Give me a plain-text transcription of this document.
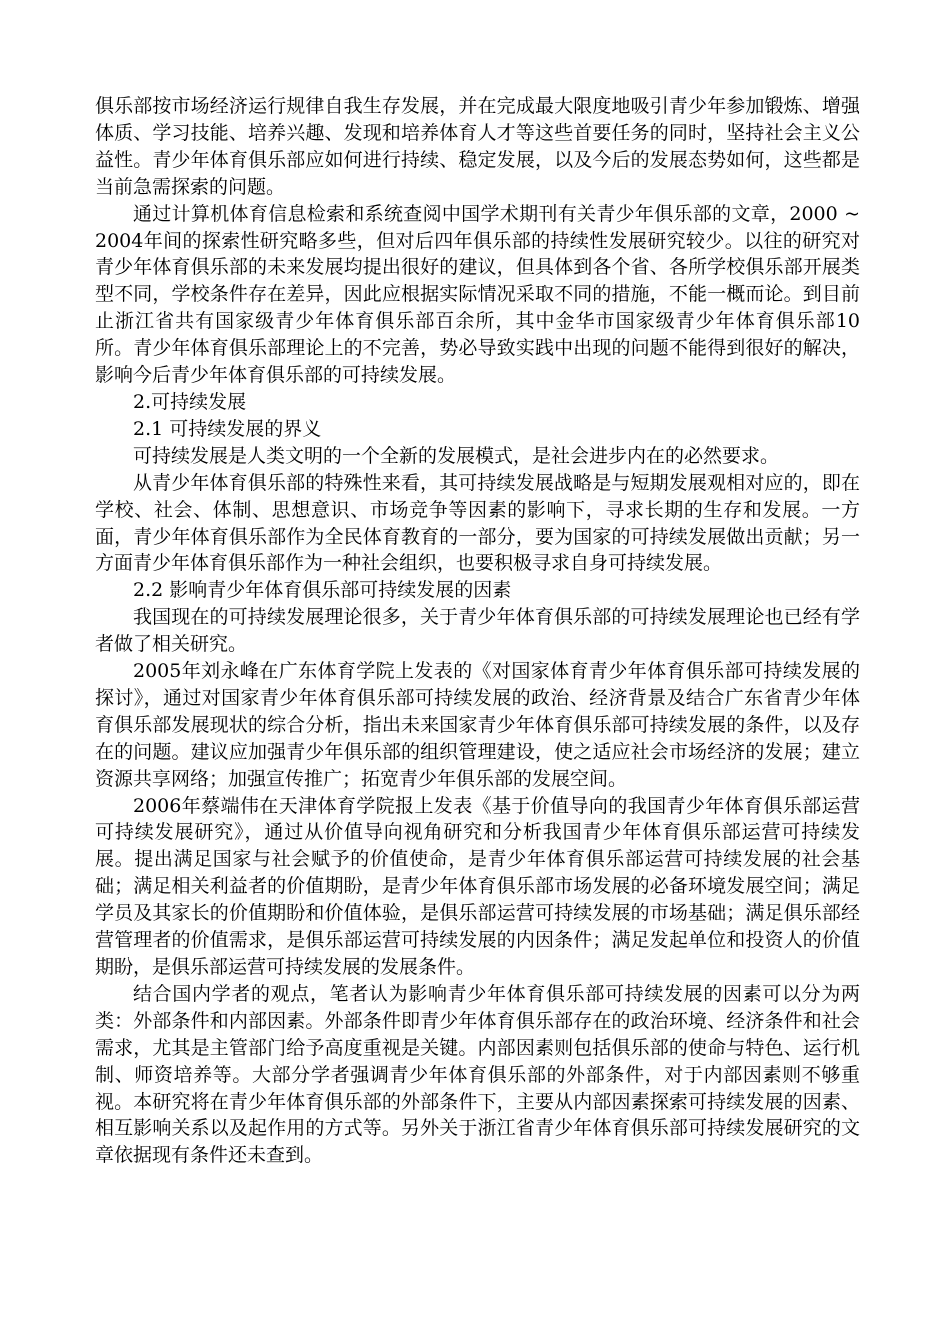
俱乐部按市场经济运行规律自我生存发展，并在完成最大限度地吸引青少年参加锻炼、增强体质、学习技能、培养兴趣、发现和培养体育人才等这些首要任务的同时，坚持社会主义公益性。青少年体育俱乐部应如何进行持续、稳定发展，以及今后的发展态势如何，这些都是当前急需探索的问题。

通过计算机体育信息检索和系统查阅中国学术期刊有关青少年俱乐部的文章，2000 ~ 2004年间的探索性研究略多些，但对后四年俱乐部的持续性发展研究较少。以往的研究对青少年体育俱乐部的未来发展均提出很好的建议，但具体到各个省、各所学校俱乐部开展类型不同，学校条件存在差异，因此应根据实际情况采取不同的措施，不能一概而论。到目前止浙江省共有国家级青少年体育俱乐部百余所，其中金华市国家级青少年体育俱乐部10所。青少年体育俱乐部理论上的不完善，势必导致实践中出现的问题不能得到很好的解决，影响今后青少年体育俱乐部的可持续发展。

2.可持续发展

2.1 可持续发展的界义

可持续发展是人类文明的一个全新的发展模式，是社会进步内在的必然要求。

从青少年体育俱乐部的特殊性来看，其可持续发展战略是与短期发展观相对应的，即在学校、社会、体制、思想意识、市场竞争等因素的影响下，寻求长期的生存和发展。一方面，青少年体育俱乐部作为全民体育教育的一部分，要为国家的可持续发展做出贡献；另一方面青少年体育俱乐部作为一种社会组织，也要积极寻求自身可持续发展。

2.2 影响青少年体育俱乐部可持续发展的因素

我国现在的可持续发展理论很多，关于青少年体育俱乐部的可持续发展理论也已经有学者做了相关研究。

2005年刘永峰在广东体育学院上发表的《对国家体育青少年体育俱乐部可持续发展的探讨》，通过对国家青少年体育俱乐部可持续发展的政治、经济背景及结合广东省青少年体育俱乐部发展现状的综合分析，指出未来国家青少年体育俱乐部可持续发展的条件，以及存在的问题。建议应加强青少年俱乐部的组织管理建设，使之适应社会市场经济的发展；建立资源共享网络；加强宣传推广；拓宽青少年俱乐部的发展空间。

2006年蔡端伟在天津体育学院报上发表《基于价值导向的我国青少年体育俱乐部运营可持续发展研究》，通过从价值导向视角研究和分析我国青少年体育俱乐部运营可持续发展。提出满足国家与社会赋予的价值使命，是青少年体育俱乐部运营可持续发展的社会基础；满足相关利益者的价值期盼，是青少年体育俱乐部市场发展的必备环境发展空间；满足学员及其家长的价值期盼和价值体验，是俱乐部运营可持续发展的市场基础；满足俱乐部经营管理者的价值需求，是俱乐部运营可持续发展的内因条件；满足发起单位和投资人的价值期盼，是俱乐部运营可持续发展的发展条件。

结合国内学者的观点，笔者认为影响青少年体育俱乐部可持续发展的因素可以分为两类：外部条件和内部因素。外部条件即青少年体育俱乐部存在的政治环境、经济条件和社会需求，尤其是主管部门给予高度重视是关键。内部因素则包括俱乐部的使命与特色、运行机制、师资培养等。大部分学者强调青少年体育俱乐部的外部条件，对于内部因素则不够重视。本研究将在青少年体育俱乐部的外部条件下，主要从内部因素探索可持续发展的因素、相互影响关系以及起作用的方式等。另外关于浙江省青少年体育俱乐部可持续发展研究的文章依据现有条件还未查到。
